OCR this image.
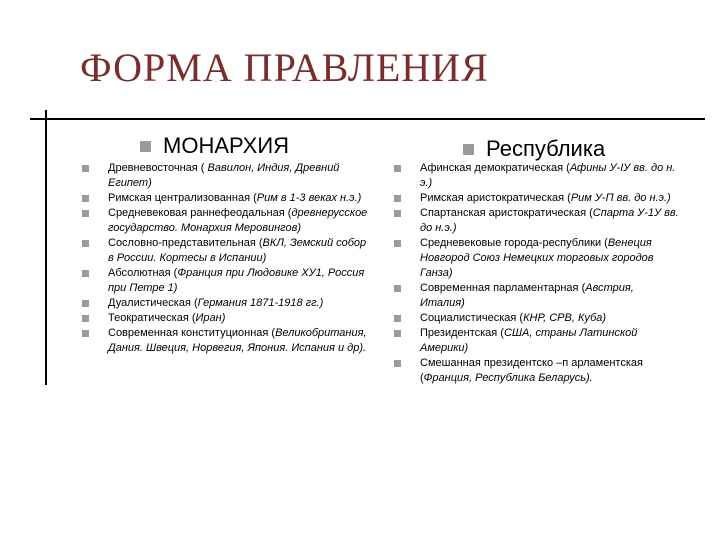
ФОРМА ПРАВЛЕНИЯ
МОНАРХИЯ	Республика
Древневосточная ( Вавилон, Индия, Древний Египет)
Римская централизованная (Рим в 1-3 веках н.э.)
Средневековая раннефеодальная (древнерусское государство. Монархия Меровингов)
Сословно-представительная (ВКЛ, Земский собор в России. Кортесы в Испании)
Абсолютная (Франция при Людовике ХУ1, Россия при Петре 1)
Дуалистическая (Германия 1871-1918 гг.)
Теократическая (Иран)
Современная конституционная (Великобритания, Дания. Швеция, Норвегия, Япония. Испания и др).
Афинская демократическая (Афины У-ІУ вв. до н. э.)
Римская аристократическая (Рим У-П вв. до н.э.)
Спартанская аристократическая (Спарта У-1У вв. до н.э.)
Средневековые города-республики (Венеция Новгород Союз Немецких торговых городов Ганза)
Современная парламентарная (Австрия, Италия)
Социалистическая (КНР, СРВ, Куба)
Президентская (США, страны Латинской Америки)
Смешанная президентско –п арламентская (Франция, Республика Беларусь).
